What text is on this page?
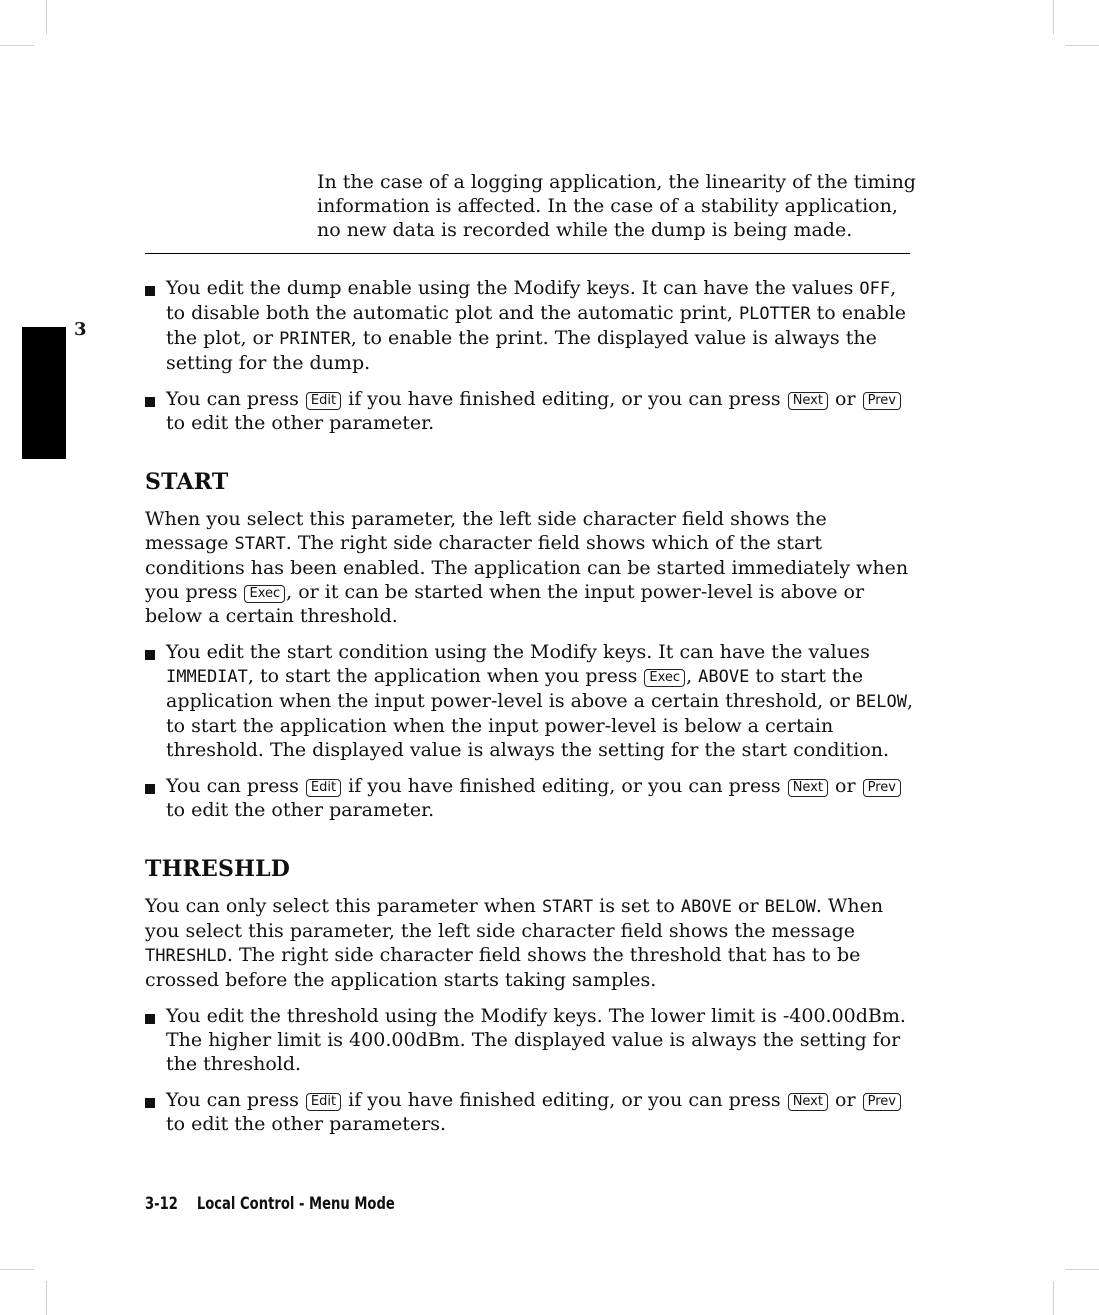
3
In the case of a logging application, the linearity of the timing information is affected. In the case of a stability application, no new data is recorded while the dump is being made.
You edit the dump enable using the Modify keys. It can have the values OFF, to disable both the automatic plot and the automatic print, PLOTTER to enable the plot, or PRINTER, to enable the print. The displayed value is always the setting for the dump.
You can press Edit if you have finished editing, or you can press Next or Prev to edit the other parameter.
START

When you select this parameter, the left side character field shows the message START. The right side character field shows which of the start conditions has been enabled. The application can be started immediately when you press Exec , or it can be started when the input power-level is above or below a certain threshold.

You edit the start condition using the Modify keys. It can have the values IMMEDIAT, to start the application when you press Exec , ABOVE to start the application when the input power-level is above a certain threshold, or BELOW, to start the application when the input power-level is below a certain threshold. The displayed value is always the setting for the start condition.
You can press Edit if you have finished editing, or you can press Next or Prev to edit the other parameter.
THRESHLD

You can only select this parameter when START is set to ABOVE or BELOW. When you select this parameter, the left side character field shows the message THRESHLD. The right side character field shows the threshold that has to be crossed before the application starts taking samples.

You edit the threshold using the Modify keys. The lower limit is -400.00dBm. The higher limit is 400.00dBm. The displayed value is always the setting for the threshold.
You can press Edit if you have finished editing, or you can press Next or Prev to edit the other parameters.
3-12 Local Control - Menu Mode
